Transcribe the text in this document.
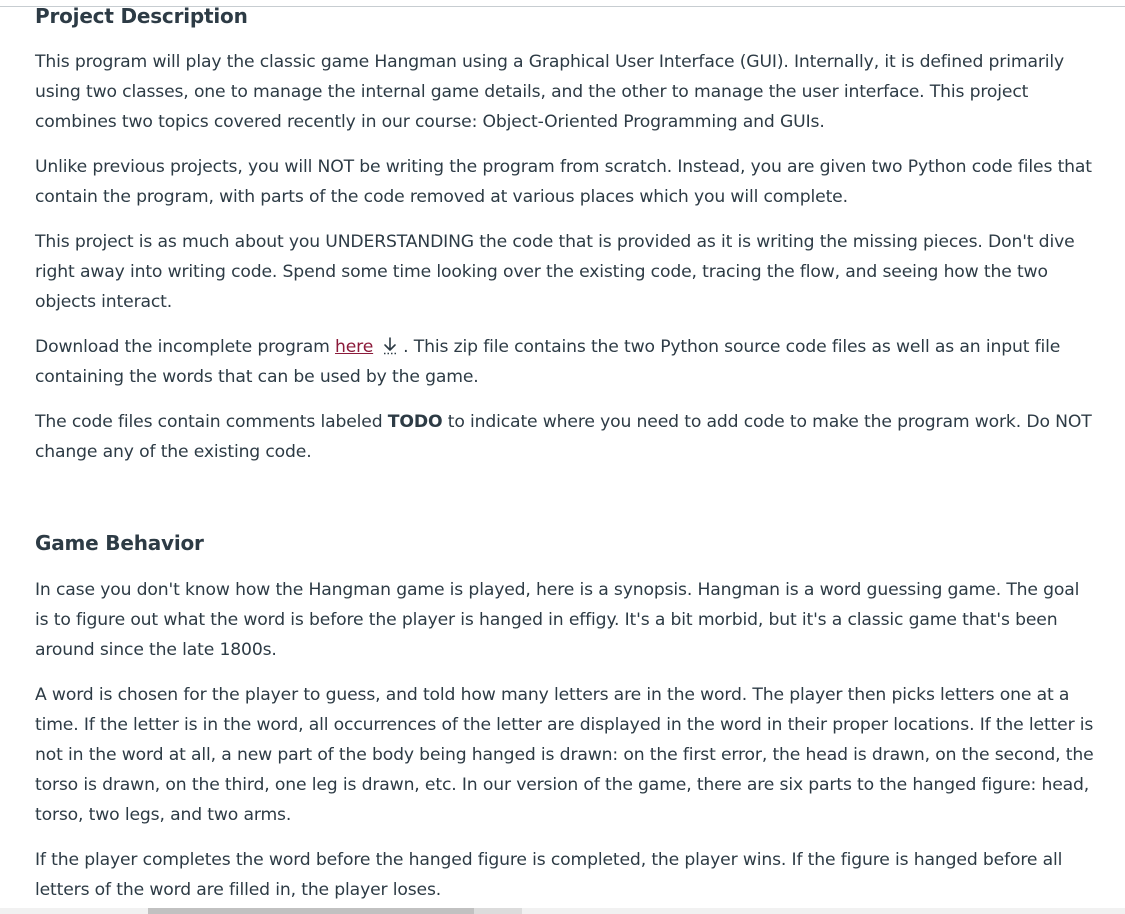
Project Description

This program will play the classic game Hangman using a Graphical User Interface (GUI). Internally, it is defined primarily using two classes, one to manage the internal game details, and the other to manage the user interface. This project combines two topics covered recently in our course: Object-Oriented Programming and GUIs.

Unlike previous projects, you will NOT be writing the program from scratch. Instead, you are given two Python code files that contain the program, with parts of the code removed at various places which you will complete.

This project is as much about you UNDERSTANDING the code that is provided as it is writing the missing pieces. Don't dive right away into writing code. Spend some time looking over the existing code, tracing the flow, and seeing how the two objects interact.

Download the incomplete program here . This zip file contains the two Python source code files as well as an input file containing the words that can be used by the game.

The code files contain comments labeled TODO to indicate where you need to add code to make the program work. Do NOT change any of the existing code.

Game Behavior

In case you don't know how the Hangman game is played, here is a synopsis. Hangman is a word guessing game. The goal is to figure out what the word is before the player is hanged in effigy. It's a bit morbid, but it's a classic game that's been around since the late 1800s.

A word is chosen for the player to guess, and told how many letters are in the word. The player then picks letters one at a time. If the letter is in the word, all occurrences of the letter are displayed in the word in their proper locations. If the letter is not in the word at all, a new part of the body being hanged is drawn: on the first error, the head is drawn, on the second, the torso is drawn, on the third, one leg is drawn, etc. In our version of the game, there are six parts to the hanged figure: head, torso, two legs, and two arms.

If the player completes the word before the hanged figure is completed, the player wins. If the figure is hanged before all letters of the word are filled in, the player loses.
